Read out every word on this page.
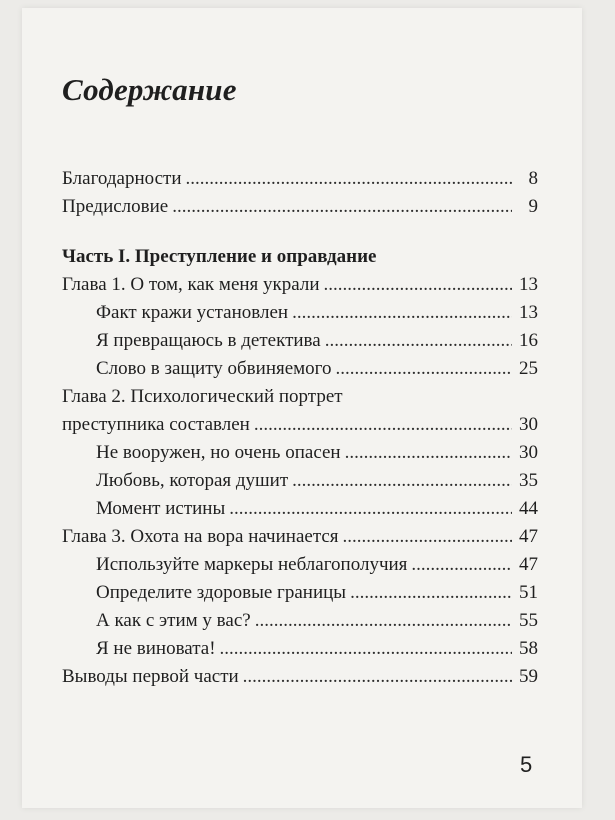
Содержание
Благодарности .....	8
Предисловие .....	9
Часть I. Преступление и оправдание
Глава 1. О том, как меня украли .....	13
Факт кражи установлен .....	13
Я превращаюсь в детектива .....	16
Слово в защиту обвиняемого .....	25
Глава 2. Психологический портрет
преступника составлен .....	30
Не вооружен, но очень опасен .....	30
Любовь, которая душит .....	35
Момент истины .....	44
Глава 3. Охота на вора начинается .....	47
Используйте маркеры неблагополучия .....	47
Определите здоровые границы .....	51
А как с этим у вас? .....	55
Я не виновата! .....	58
Выводы первой части .....	59
5
